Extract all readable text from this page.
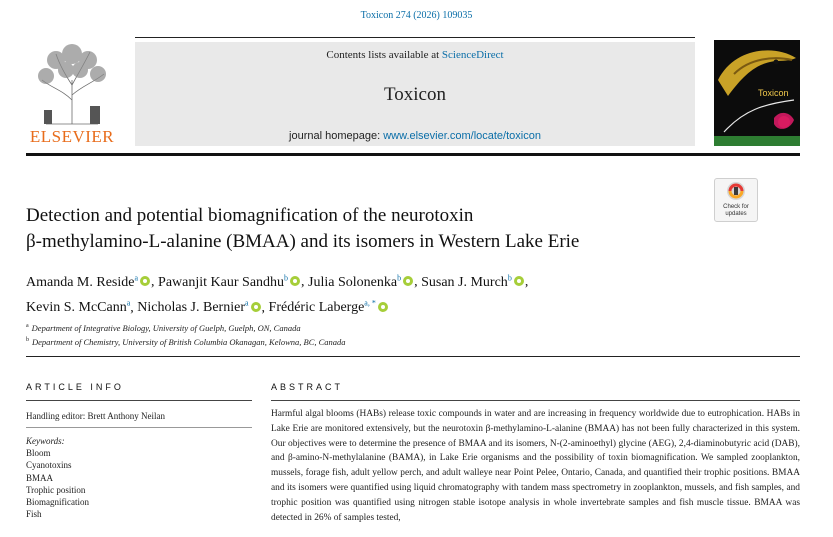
Toxicon 274 (2026) 109035
ELSEVIER
Contents lists available at ScienceDirect
Toxicon
journal homepage: www.elsevier.com/locate/toxicon
Toxicon
Check for
updates
Detection and potential biomagnification of the neurotoxin
β-methylamino-L-alanine (BMAA) and its isomers in Western Lake Erie
Amanda M. Reside$^a$ , Pawanjit Kaur Sandhu$^b$ , Julia Solonenka$^b$ , Susan J. Murch$^b$ ,
Kevin S. McCann$^a$, Nicholas J. Bernier$^a$ , Frédéric Laberge$^{a, *}$
$^a$ Department of Integrative Biology, University of Guelph, Guelph, ON, Canada
$^b$ Department of Chemistry, University of British Columbia Okanagan, Kelowna, BC, Canada
ARTICLE INFO
Handling editor: Brett Anthony Neilan
Keywords:
Bloom
Cyanotoxins
BMAA
Trophic position
Biomagnification
Fish
ABSTRACT
Harmful algal blooms (HABs) release toxic compounds in water and are increasing in frequency worldwide due to eutrophication. HABs in Lake Erie are monitored extensively, but the neurotoxin β-methylamino-L-alanine (BMAA) has not been fully characterized in this system. Our objectives were to determine the presence of BMAA and its isomers, N-(2-aminoethyl) glycine (AEG), 2,4-diaminobutyric acid (DAB), and β-amino-N-methylalanine (BAMA), in Lake Erie organisms and the possibility of toxin biomagnification. We sampled zooplankton, mussels, forage fish, adult yellow perch, and adult walleye near Point Pelee, Ontario, Canada, and quantified their trophic positions. BMAA and its isomers were quantified using liquid chromatography with tandem mass spectrometry in zooplankton, mussels, and fish samples, and trophic position was quantified using nitrogen stable isotope analysis in whole invertebrate samples and fish muscle tissue. BMAA was detected in 26% of samples tested,
